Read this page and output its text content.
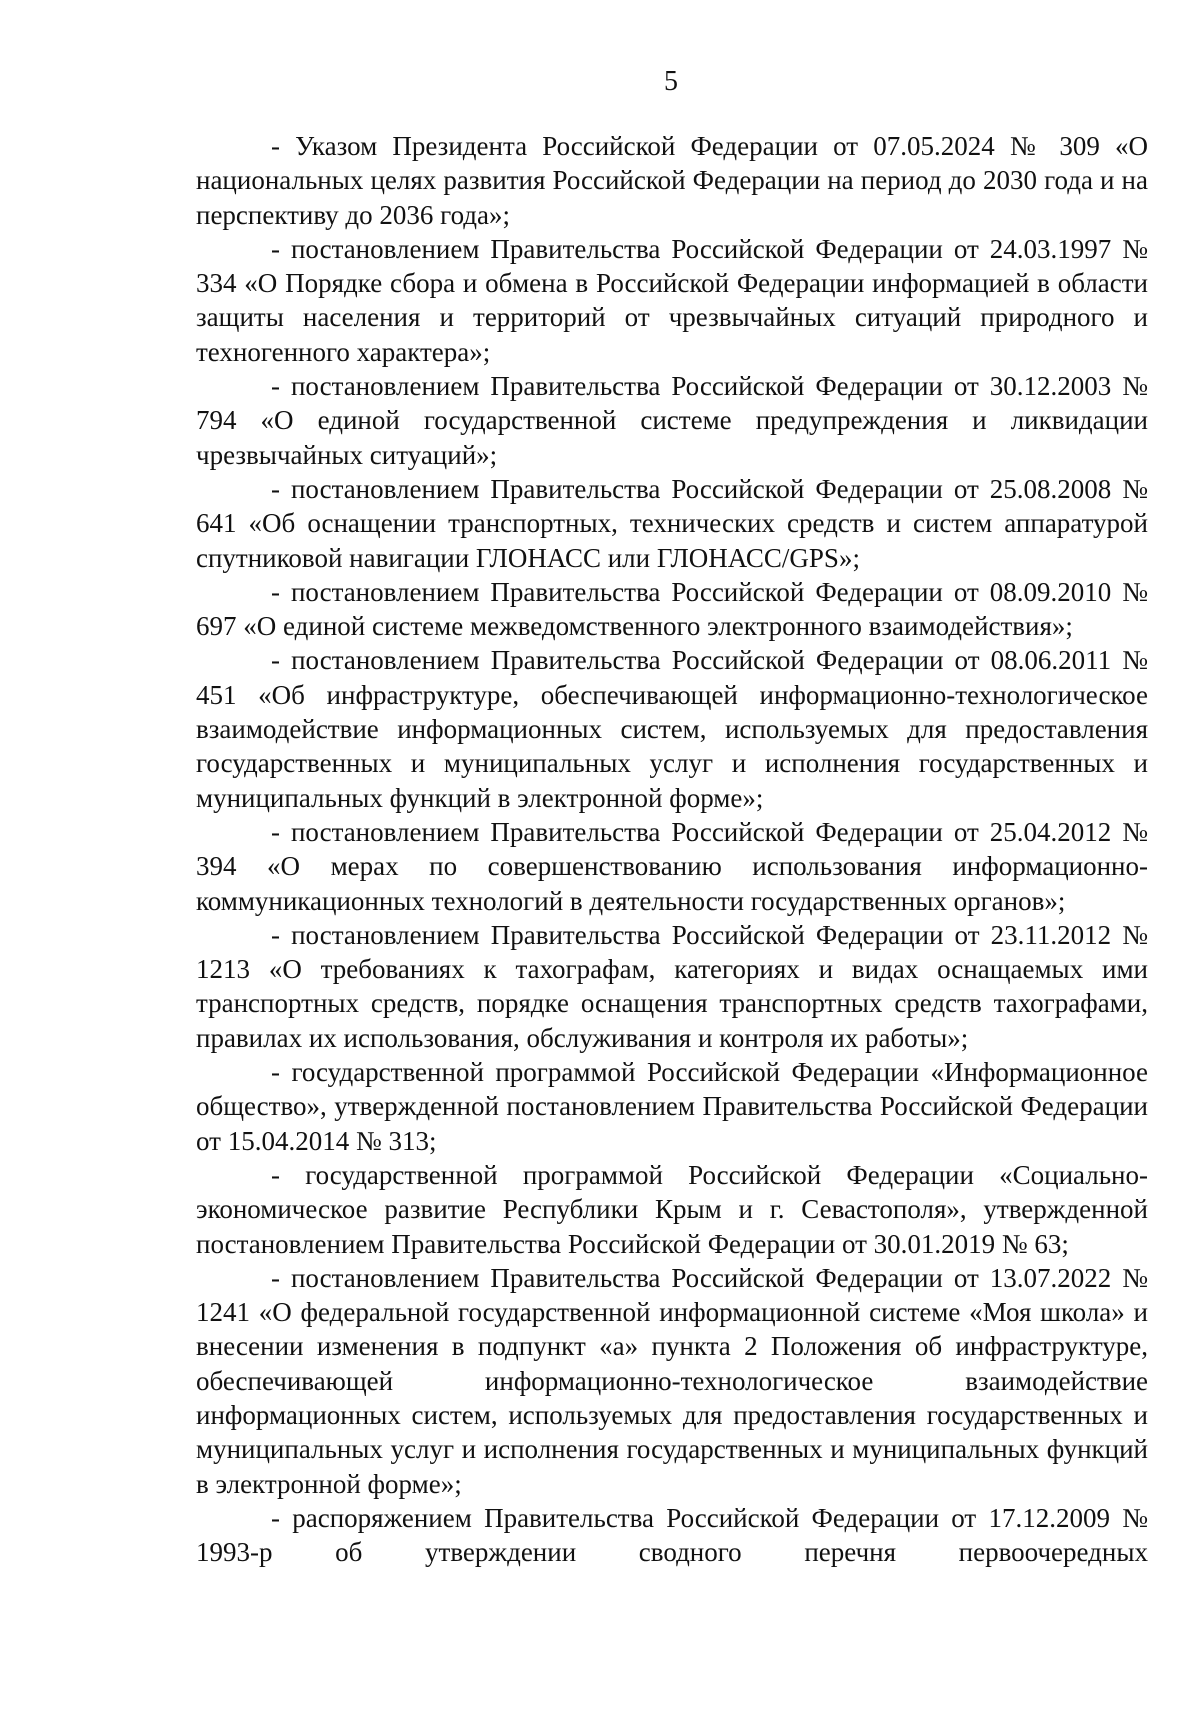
5

- Указом Президента Российской Федерации от 07.05.2024 № 309 «О национальных целях развития Российской Федерации на период до 2030 года и на перспективу до 2036 года»;

- постановлением Правительства Российской Федерации от 24.03.1997 № 334 «О Порядке сбора и обмена в Российской Федерации информацией в области защиты населения и территорий от чрезвычайных ситуаций природного и техногенного характера»;

- постановлением Правительства Российской Федерации от 30.12.2003 № 794 «О единой государственной системе предупреждения и ликвидации чрезвычайных ситуаций»;

- постановлением Правительства Российской Федерации от 25.08.2008 № 641 «Об оснащении транспортных, технических средств и систем аппаратурой спутниковой навигации ГЛОНАСС или ГЛОНАСС/GPS»;

- постановлением Правительства Российской Федерации от 08.09.2010 № 697 «О единой системе межведомственного электронного взаимодействия»;

- постановлением Правительства Российской Федерации от 08.06.2011 № 451 «Об инфраструктуре, обеспечивающей информационно-технологическое взаимодействие информационных систем, используемых для предоставления государственных и муниципальных услуг и исполнения государственных и муниципальных функций в электронной форме»;

- постановлением Правительства Российской Федерации от 25.04.2012 № 394 «О мерах по совершенствованию использования информационно-коммуникационных технологий в деятельности государственных органов»;

- постановлением Правительства Российской Федерации от 23.11.2012 № 1213 «О требованиях к тахографам, категориях и видах оснащаемых ими транспортных средств, порядке оснащения транспортных средств тахографами, правилах их использования, обслуживания и контроля их работы»;

- государственной программой Российской Федерации «Информационное общество», утвержденной постановлением Правительства Российской Федерации от 15.04.2014 № 313;

- государственной программой Российской Федерации «Социально-экономическое развитие Республики Крым и г. Севастополя», утвержденной постановлением Правительства Российской Федерации от 30.01.2019 № 63;

- постановлением Правительства Российской Федерации от 13.07.2022 № 1241 «О федеральной государственной информационной системе «Моя школа» и внесении изменения в подпункт «а» пункта 2 Положения об инфраструктуре, обеспечивающей информационно-технологическое взаимодействие информационных систем, используемых для предоставления государственных и муниципальных услуг и исполнения государственных и муниципальных функций в электронной форме»;

- распоряжением Правительства Российской Федерации от 17.12.2009 № 1993-р об утверждении сводного перечня первоочередных
